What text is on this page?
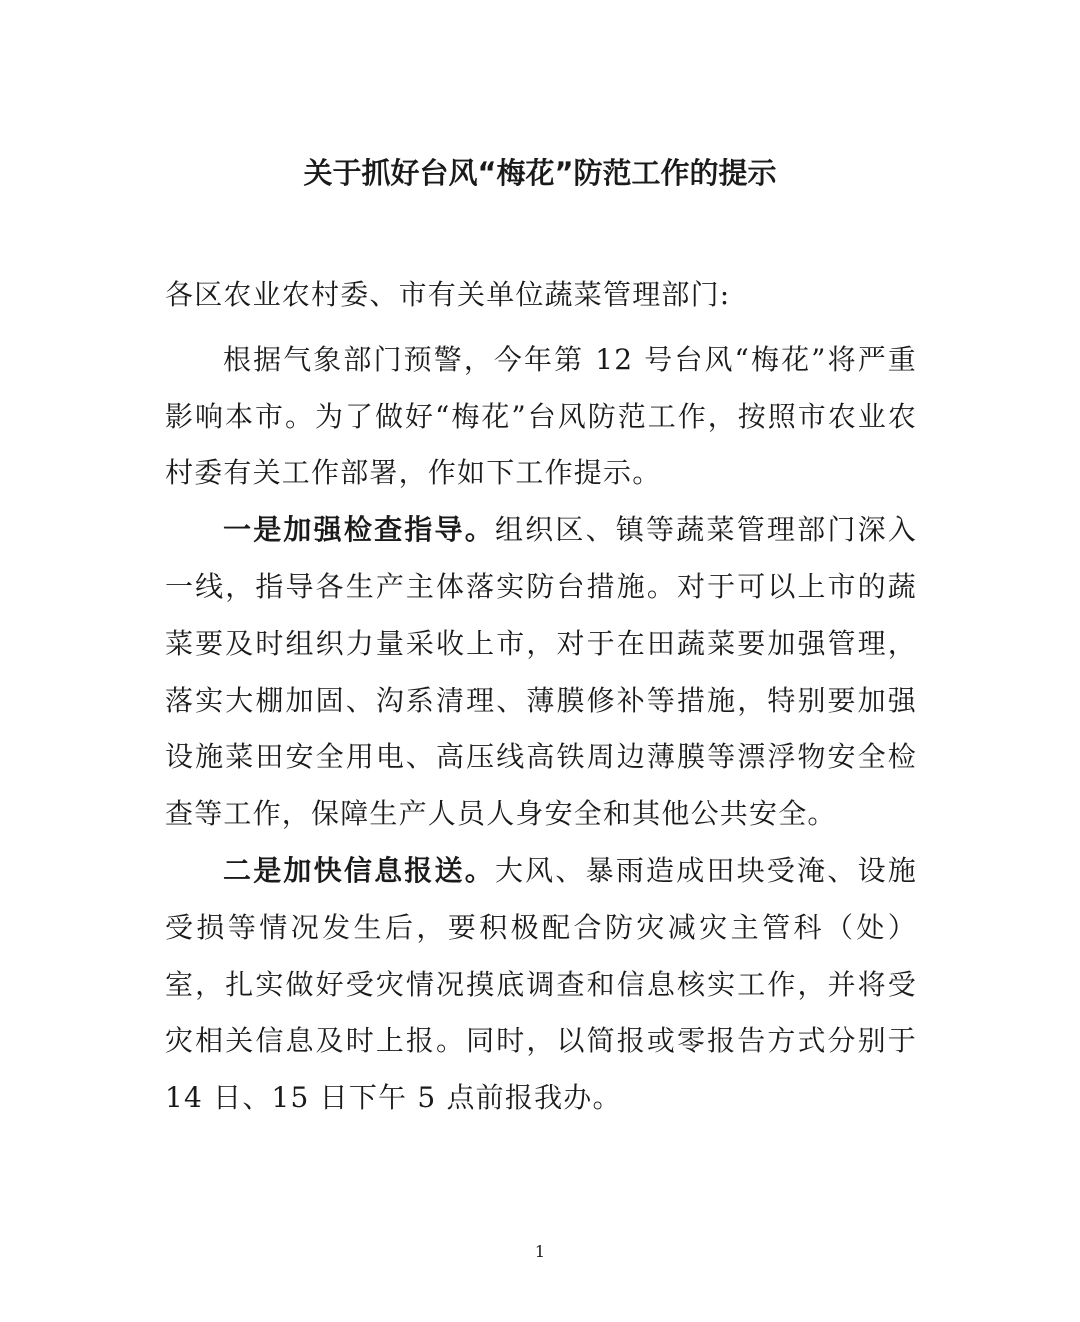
关于抓好台风“梅花”防范工作的提示

各区农业农村委、市有关单位蔬菜管理部门:

根据气象部门预警，今年第 12 号台风“梅花”将严重影响本市。为了做好“梅花”台风防范工作，按照市农业农村委有关工作部署，作如下工作提示。

一是加强检查指导。组织区、镇等蔬菜管理部门深入一线，指导各生产主体落实防台措施。对于可以上市的蔬菜要及时组织力量采收上市，对于在田蔬菜要加强管理，落实大棚加固、沟系清理、薄膜修补等措施，特别要加强设施菜田安全用电、高压线高铁周边薄膜等漂浮物安全检查等工作，保障生产人员人身安全和其他公共安全。

二是加快信息报送。大风、暴雨造成田块受淹、设施受损等情况发生后，要积极配合防灾减灾主管科（处）室，扎实做好受灾情况摸底调查和信息核实工作，并将受灾相关信息及时上报。同时，以简报或零报告方式分别于 14 日、15 日下午 5 点前报我办。

1
